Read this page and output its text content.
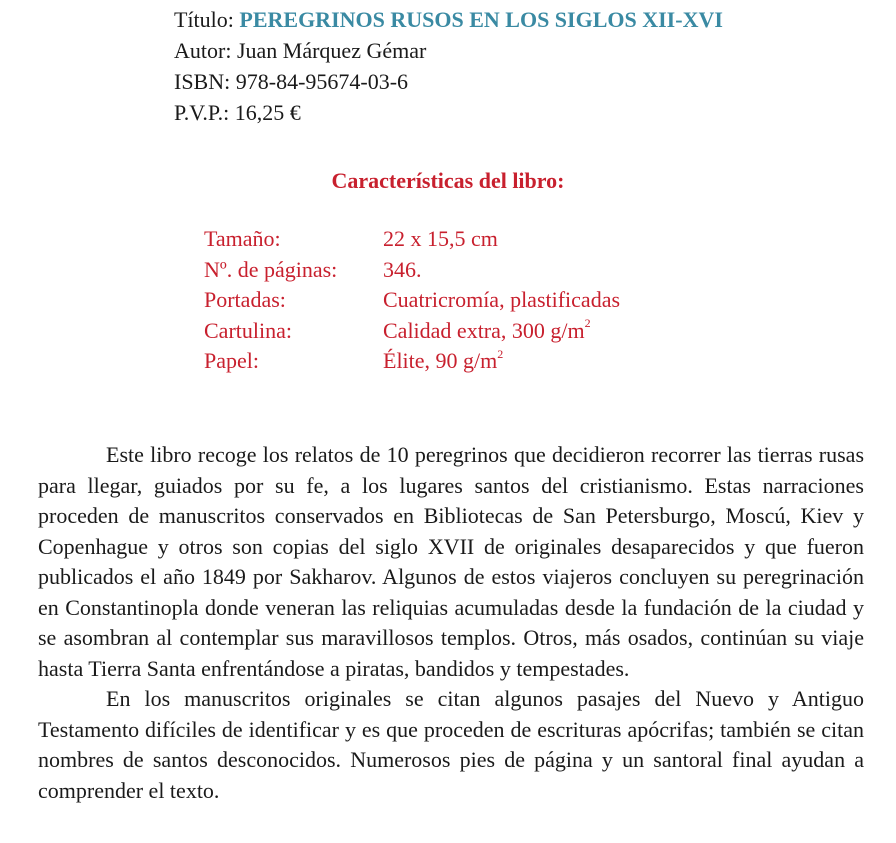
Título: PEREGRINOS RUSOS EN LOS SIGLOS XII-XVI
Autor: Juan Márquez Gémar
ISBN: 978-84-95674-03-6
P.V.P.: 16,25 €
Características del libro:
Tamaño:	22 x 15,5 cm
Nº. de páginas:	346.
Portadas:	Cuatricromía, plastificadas
Cartulina:	Calidad extra, 300 $g/m^2$
Papel:	Élite, 90 $g/m^2$

Este libro recoge los relatos de 10 peregrinos que decidieron recorrer las tierras rusas para llegar, guiados por su fe, a los lugares santos del cristianismo. Estas narraciones proceden de manuscritos conservados en Bibliotecas de San Petersburgo, Moscú, Kiev y Copenhague y otros son copias del siglo XVII de originales desaparecidos y que fueron publicados el año 1849 por Sakharov. Algunos de estos viajeros concluyen su peregrinación en Constantinopla donde veneran las reliquias acumuladas desde la fundación de la ciudad y se asombran al contemplar sus maravillosos templos. Otros, más osados, continúan su viaje hasta Tierra Santa enfrentándose a piratas, bandidos y tempestades.

En los manuscritos originales se citan algunos pasajes del Nuevo y Antiguo Testamento difíciles de identificar y es que proceden de escrituras apócrifas; también se citan nombres de santos desconocidos. Numerosos pies de página y un santoral final ayudan a comprender el texto.
